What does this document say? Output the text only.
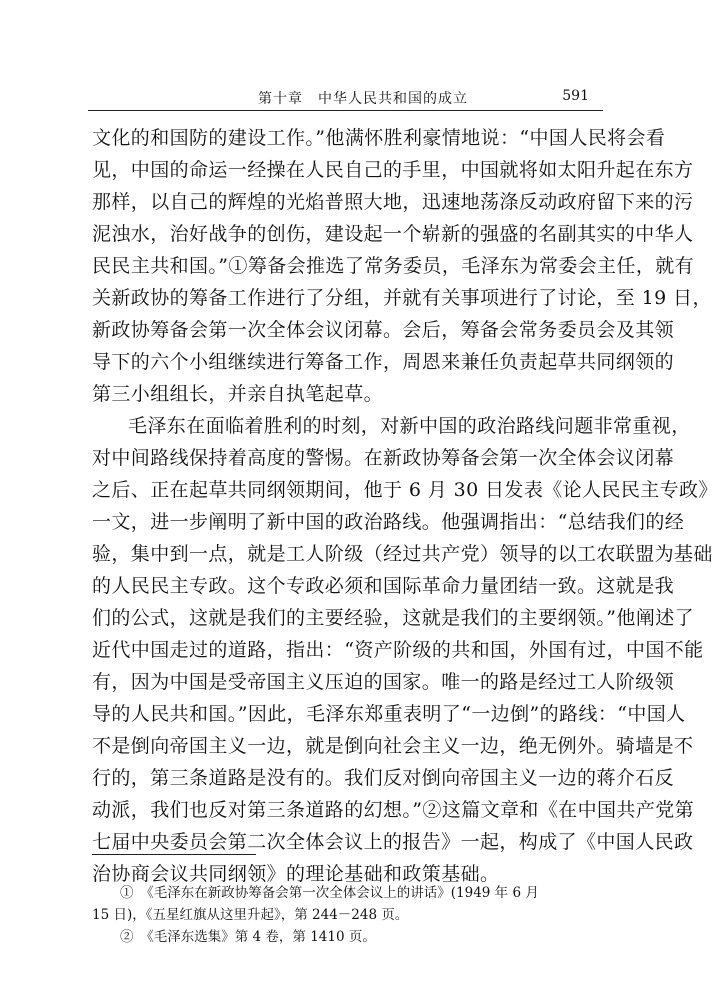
第十章　中华人民共和国的成立	591
文化的和国防的建设工作。”他满怀胜利豪情地说：“中国人民将会看
见，中国的命运一经操在人民自己的手里，中国就将如太阳升起在东方
那样，以自己的辉煌的光焰普照大地，迅速地荡涤反动政府留下来的污
泥浊水，治好战争的创伤，建设起一个崭新的强盛的名副其实的中华人
民民主共和国。”①筹备会推选了常务委员，毛泽东为常委会主任，就有
关新政协的筹备工作进行了分组，并就有关事项进行了讨论，至 19 日，
新政协筹备会第一次全体会议闭幕。会后，筹备会常务委员会及其领
导下的六个小组继续进行筹备工作，周恩来兼任负责起草共同纲领的
第三小组组长，并亲自执笔起草。
毛泽东在面临着胜利的时刻，对新中国的政治路线问题非常重视，
对中间路线保持着高度的警惕。在新政协筹备会第一次全体会议闭幕
之后、正在起草共同纲领期间，他于 6 月 30 日发表《论人民民主专政》
一文，进一步阐明了新中国的政治路线。他强调指出：“总结我们的经
验，集中到一点，就是工人阶级（经过共产党）领导的以工农联盟为基础
的人民民主专政。这个专政必须和国际革命力量团结一致。这就是我
们的公式，这就是我们的主要经验，这就是我们的主要纲领。”他阐述了
近代中国走过的道路，指出：“资产阶级的共和国，外国有过，中国不能
有，因为中国是受帝国主义压迫的国家。唯一的路是经过工人阶级领
导的人民共和国。”因此，毛泽东郑重表明了“一边倒”的路线：“中国人
不是倒向帝国主义一边，就是倒向社会主义一边，绝无例外。骑墙是不
行的，第三条道路是没有的。我们反对倒向帝国主义一边的蒋介石反
动派，我们也反对第三条道路的幻想。”②这篇文章和《在中国共产党第
七届中央委员会第二次全体会议上的报告》一起，构成了《中国人民政
治协商会议共同纲领》的理论基础和政策基础。
①　《毛泽东在新政协筹备会第一次全体会议上的讲话》(1949 年 6 月
15 日)，《五星红旗从这里升起》，第 244－248 页。
②　《毛泽东选集》第 4 卷，第 1410 页。
